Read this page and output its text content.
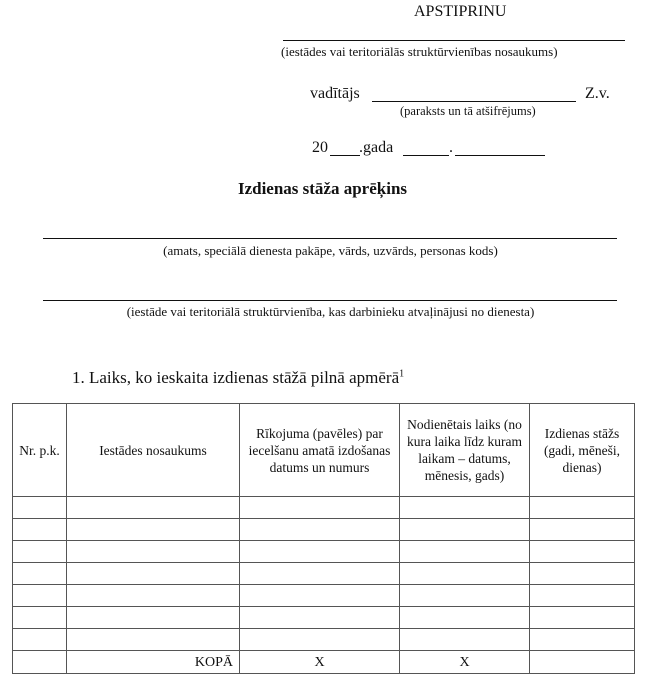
APSTIPRINU
(iestādes vai teritoriālās struktūrvienības nosaukums)
vadītājs	Z.v.
(paraksts un tā atšifrējums)
20 .gada	.
Izdienas stāža aprēķins
(amats, speciālā dienesta pakāpe, vārds, uzvārds, personas kods)
(iestāde vai teritoriālā struktūrvienība, kas darbinieku atvaļinājusi no dienesta)
1. Laiks, ko ieskaita izdienas stāžā pilnā apmērā$^1$
Nr. p.k.	Iestādes nosaukums	Rīkojuma (pavēles) par iecelšanu amatā izdošanas datums un numurs	Nodienētais laiks (no kura laika līdz kuram laikam – datums, mēnesis, gads)	Izdienas stāžs (gadi, mēneši, dienas)

	KOPĀ	X	X	
